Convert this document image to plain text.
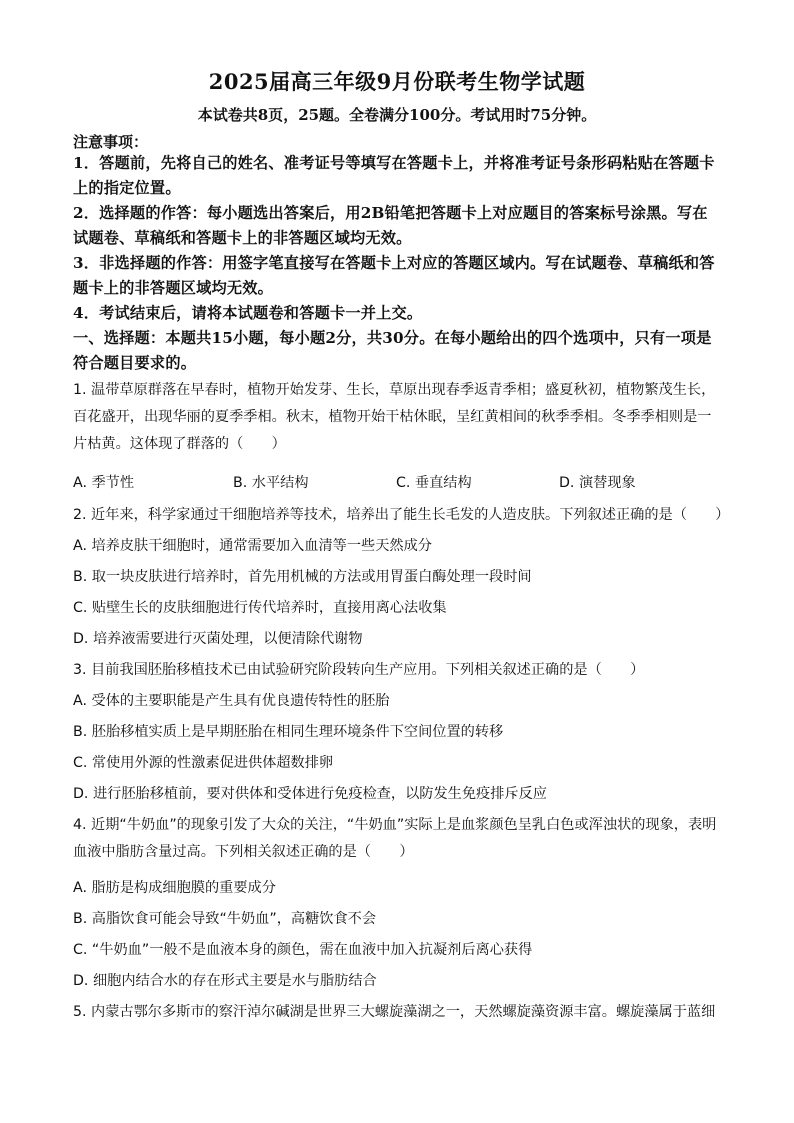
2025届高三年级9月份联考生物学试题
本试卷共8页，25题。全卷满分100分。考试用时75分钟。
注意事项：
1．答题前，先将自己的姓名、准考证号等填写在答题卡上，并将准考证号条形码粘贴在答题卡上的指定位置。
2．选择题的作答：每小题选出答案后，用2B铅笔把答题卡上对应题目的答案标号涂黑。写在试题卷、草稿纸和答题卡上的非答题区域均无效。
3．非选择题的作答：用签字笔直接写在答题卡上对应的答题区域内。写在试题卷、草稿纸和答题卡上的非答题区域均无效。
4．考试结束后，请将本试题卷和答题卡一并上交。
一、选择题：本题共15小题，每小题2分，共30分。在每小题给出的四个选项中，只有一项是符合题目要求的。
1. 温带草原群落在早春时，植物开始发芽、生长，草原出现春季返青季相；盛夏秋初，植物繁茂生长，百花盛开，出现华丽的夏季季相。秋末，植物开始干枯休眠，呈红黄相间的秋季季相。冬季季相则是一片枯黄。这体现了群落的（　　）
A. 季节性	B. 水平结构	C. 垂直结构	D. 演替现象
2. 近年来，科学家通过干细胞培养等技术，培养出了能生长毛发的人造皮肤。下列叙述正确的是（　　）
A. 培养皮肤干细胞时，通常需要加入血清等一些天然成分
B. 取一块皮肤进行培养时，首先用机械的方法或用胃蛋白酶处理一段时间
C. 贴壁生长的皮肤细胞进行传代培养时，直接用离心法收集
D. 培养液需要进行灭菌处理，以便清除代谢物
3. 目前我国胚胎移植技术已由试验研究阶段转向生产应用。下列相关叙述正确的是（　　）
A. 受体的主要职能是产生具有优良遗传特性的胚胎
B. 胚胎移植实质上是早期胚胎在相同生理环境条件下空间位置的转移
C. 常使用外源的性激素促进供体超数排卵
D. 进行胚胎移植前，要对供体和受体进行免疫检查，以防发生免疫排斥反应
4. 近期“牛奶血”的现象引发了大众的关注，“牛奶血”实际上是血浆颜色呈乳白色或浑浊状的现象，表明血液中脂肪含量过高。下列相关叙述正确的是（　　）
A. 脂肪是构成细胞膜的重要成分
B. 高脂饮食可能会导致“牛奶血”，高糖饮食不会
C. “牛奶血”一般不是血液本身的颜色，需在血液中加入抗凝剂后离心获得
D. 细胞内结合水的存在形式主要是水与脂肪结合
5. 内蒙古鄂尔多斯市的察汗淖尔碱湖是世界三大螺旋藻湖之一，天然螺旋藻资源丰富。螺旋藻属于蓝细
